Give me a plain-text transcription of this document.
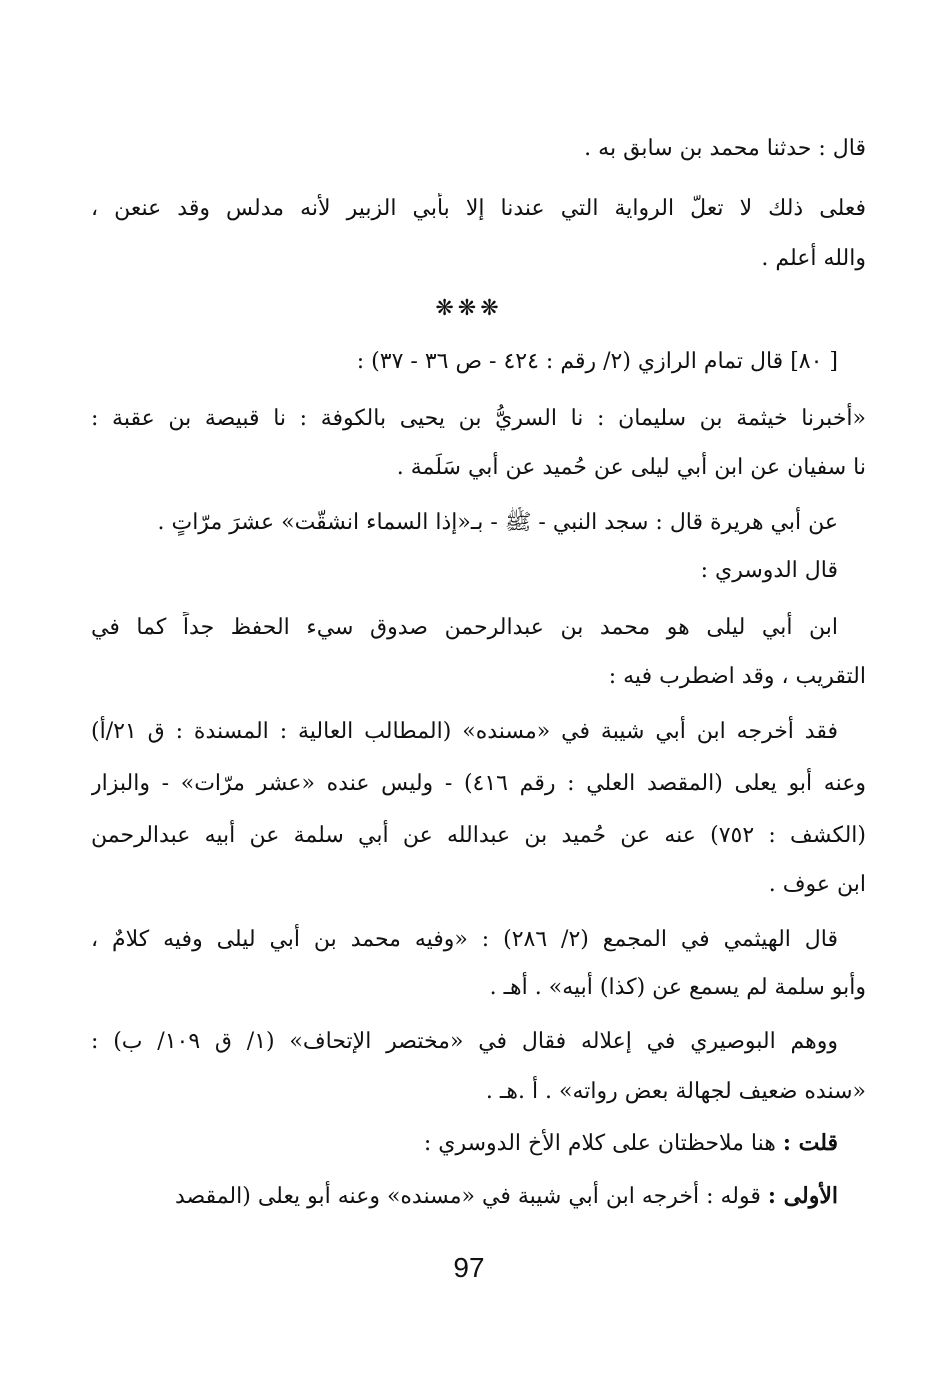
قال : حدثنا محمد بن سابق به .
فعلى ذلك لا تعلّ الرواية التي عندنا إلا بأبي الزبير لأنه مدلس وقد عنعن ،
والله أعلم .
❋❋❋
[ ٨٠] قال تمام الرازي (٢/ رقم : ٤٢٤ - ص ٣٦ - ٣٧) :
«أخبرنا خيثمة بن سليمان : نا السريُّ بن يحيى بالكوفة : نا قبيصة بن عقبة :
نا سفيان عن ابن أبي ليلى عن حُميد عن أبي سَلَمة .
عن أبي هريرة قال : سجد النبي - ﷺ - بـ«إذا السماء انشقّت» عشرَ مرّاتٍ .
قال الدوسري :
ابن أبي ليلى هو محمد بن عبدالرحمن صدوق سيء الحفظ جداً كما في
التقريب ، وقد اضطرب فيه :
فقد أخرجه ابن أبي شيبة في «مسنده» (المطالب العالية : المسندة : ق ٢١/أ)
وعنه أبو يعلى (المقصد العلي : رقم ٤١٦) - وليس عنده «عشر مرّات» - والبزار
(الكشف : ٧٥٢) عنه عن حُميد بن عبدالله عن أبي سلمة عن أبيه عبدالرحمن
ابن عوف .
قال الهيثمي في المجمع (٢/ ٢٨٦) : «وفيه محمد بن أبي ليلى وفيه كلامٌ ،
وأبو سلمة لم يسمع عن (كذا) أبيه» . أهـ .
ووهم البوصيري في إعلاله فقال في «مختصر الإتحاف» (١/ ق ١٠٩/ ب) :
«سنده ضعيف لجهالة بعض رواته» . أ .هـ .
قلت : هنا ملاحظتان على كلام الأخ الدوسري :
الأولى : قوله : أخرجه ابن أبي شيبة في «مسنده» وعنه أبو يعلى (المقصد
97
